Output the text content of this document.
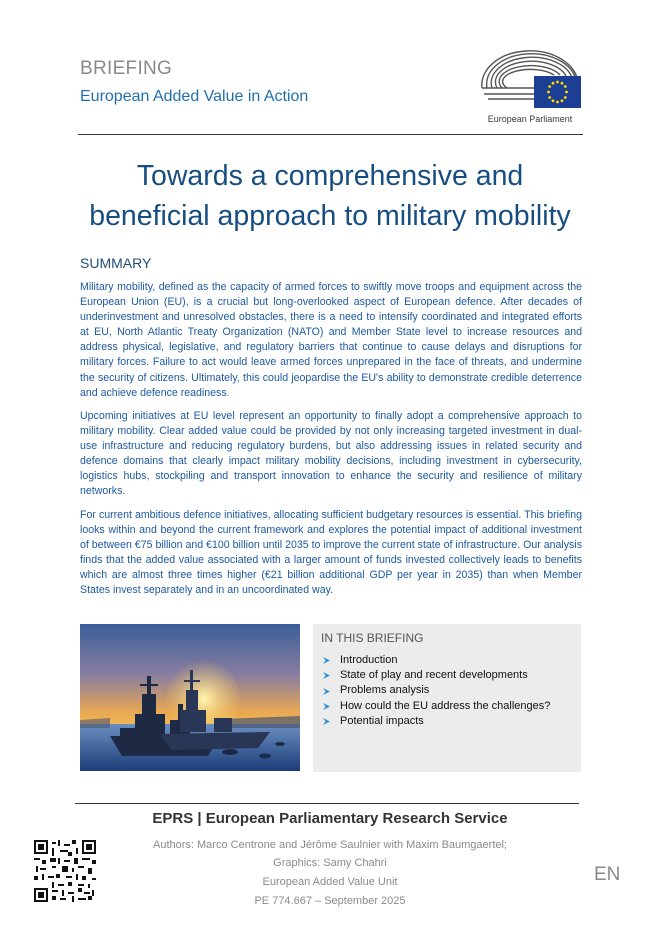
BRIEFING
European Added Value in Action
European Parliament
Towards a comprehensive and
beneficial approach to military mobility
SUMMARY

Military mobility, defined as the capacity of armed forces to swiftly move troops and equipment across the European Union (EU), is a crucial but long-overlooked aspect of European defence. After decades of underinvestment and unresolved obstacles, there is a need to intensify coordinated and integrated efforts at EU, North Atlantic Treaty Organization (NATO) and Member State level to increase resources and address physical, legislative, and regulatory barriers that continue to cause delays and disruptions for military forces. Failure to act would leave armed forces unprepared in the face of threats, and undermine the security of citizens. Ultimately, this could jeopardise the EU's ability to demonstrate credible deterrence and achieve defence readiness.

Upcoming initiatives at EU level represent an opportunity to finally adopt a comprehensive approach to military mobility. Clear added value could be provided by not only increasing targeted investment in dual-use infrastructure and reducing regulatory burdens, but also addressing issues in related security and defence domains that clearly impact military mobility decisions, including investment in cybersecurity, logistics hubs, stockpiling and transport innovation to enhance the security and resilience of military networks.

For current ambitious defence initiatives, allocating sufficient budgetary resources is essential. This briefing looks within and beyond the current framework and explores the potential impact of additional investment of between €75 billion and €100 billion until 2035 to improve the current state of infrastructure. Our analysis finds that the added value associated with a larger amount of funds invested collectively leads to benefits which are almost three times higher (€21 billion additional GDP per year in 2035) than when Member States invest separately and in an uncoordinated way.

IN THIS BRIEFING
Introduction
State of play and recent developments
Problems analysis
How could the EU address the challenges?
Potential impacts
EPRS | European Parliamentary Research Service
Authors: Marco Centrone and Jérôme Saulnier with Maxim Baumgaertel;
Graphics: Samy Chahri
European Added Value Unit
PE 774.667 – September 2025
EN
